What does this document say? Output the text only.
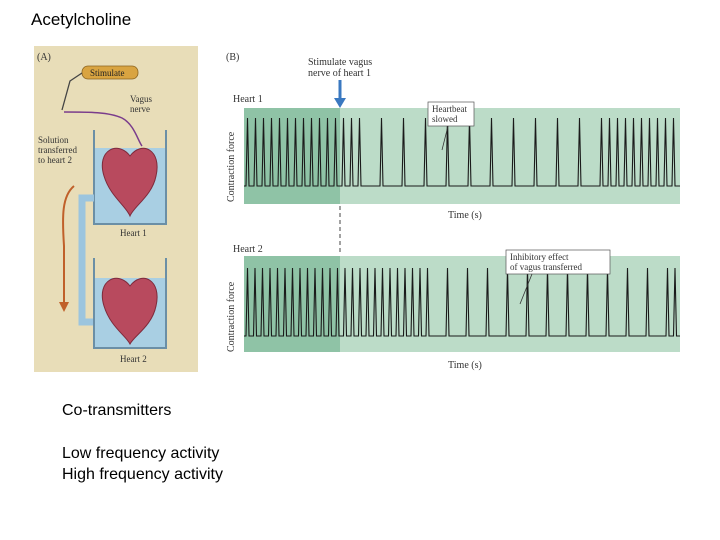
Acetylcholine
(A)
Stimulate
Vagus
nerve
Solution
transferred
to heart 2
Heart 1
Heart 2
(B)	Stimulate vagus
nerve of heart 1
Heart 1
Contraction force
Time (s)
Heartbeat
slowed
Heart 2
Contraction force
Time (s)
Inhibitory effect
of vagus transferred
Co-transmitters
Low frequency activity
High frequency activity
